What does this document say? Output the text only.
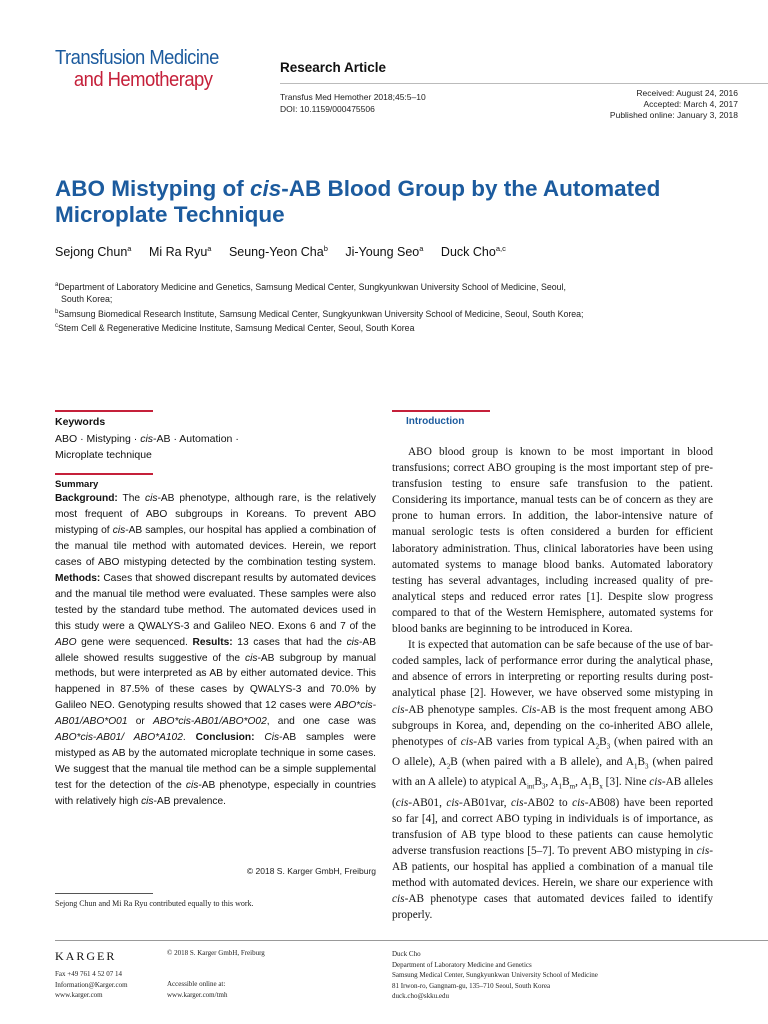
Transfusion Medicine
and Hemotherapy
Research Article
Transfus Med Hemother 2018;45:5–10
DOI: 10.1159/000475506
Received: August 24, 2016
Accepted: March 4, 2017
Published online: January 3, 2018
ABO Mistyping of cis-AB Blood Group by the Automated Microplate Technique
Sejong Chun$^a$ Mi Ra Ryu$^a$ Seung-Yeon Cha$^b$ Ji-Young Seo$^a$ Duck Cho$^{a,c}$
$^a$Department of Laboratory Medicine and Genetics, Samsung Medical Center, Sungkyunkwan University School of Medicine, Seoul,
South Korea;
$^b$Samsung Biomedical Research Institute, Samsung Medical Center, Sungkyunkwan University School of Medicine, Seoul, South Korea;
$^c$Stem Cell & Regenerative Medicine Institute, Samsung Medical Center, Seoul, South Korea
Keywords
ABO · Mistyping · cis-AB · Automation ·
Microplate technique
Summary
Background: The cis-AB phenotype, although rare, is the relatively most frequent of ABO subgroups in Koreans. To prevent ABO mistyping of cis-AB samples, our hospital has applied a combination of the manual tile method with automated devices. Herein, we report cases of ABO mistyping detected by the combination testing system. Methods: Cases that showed discrepant results by automated devices and the manual tile method were evaluated. These samples were also tested by the standard tube method. The automated devices used in this study were a QWALYS-3 and Galileo NEO. Exons 6 and 7 of the ABO gene were sequenced. Results: 13 cases that had the cis-AB allele showed results suggestive of the cis-AB subgroup by manual methods, but were interpreted as AB by either automated device. This happened in 87.5% of these cases by QWALYS-3 and 70.0% by Galileo NEO. Genotyping results showed that 12 cases were ABO*cis-AB01/ABO*O01 or ABO*cis-AB01/ABO*O02, and one case was ABO*cis-AB01/ ABO*A102. Conclusion: Cis-AB samples were mistyped as AB by the automated microplate technique in some cases. We suggest that the manual tile method can be a simple supplemental test for the detection of the cis-AB phenotype, especially in countries with relatively high cis-AB prevalence.
© 2018 S. Karger GmbH, Freiburg
Introduction

ABO blood group is known to be most important in blood transfusions; correct ABO grouping is the most important step of pre-transfusion testing to ensure safe transfusion to the patient. Considering its importance, manual tests can be of concern as they are prone to human errors. In addition, the labor-intensive nature of manual serologic tests is often considered a burden for efficient laboratory administration. Thus, clinical laboratories have been using automated systems to manage blood banks. Automated laboratory testing has several advantages, including increased quality of pre-analytical steps and reduced error rates [1]. Despite slow progress compared to that of the Western Hemisphere, automated systems for blood banks are beginning to be introduced in Korea.

It is expected that automation can be safe because of the use of bar-coded samples, lack of performance error during the analytical phase, and absence of errors in interpreting or reporting results during post-analytical phase [2]. However, we have observed some mistyping in cis-AB phenotype samples. Cis-AB is the most frequent among ABO subgroups in Korea, and, depending on the co-inherited ABO allele, phenotypes of cis-AB varies from typical $A_2B_3$ (when paired with an O allele), $A_2B$ (when paired with a B allele), and $A_1B_3$ (when paired with an A allele) to atypical $A_{int}B_3$, $A_1B_m$, $A_1B_x$ [3]. Nine cis-AB alleles (cis-AB01, cis-AB01var, cis-AB02 to cis-AB08) have been reported so far [4], and correct ABO typing in individuals is of importance, as transfusion of AB type blood to these patients can cause hemolytic adverse transfusion reactions [5–7]. To prevent ABO mistyping in cis-AB patients, our hospital has applied a combination of a manual tile method with automated devices. Herein, we share our experience with cis-AB phenotype cases that automated devices failed to identify properly.

Sejong Chun and Mi Ra Ryu contributed equally to this work.
KARGER
Fax +49 761 4 52 07 14
Information@Karger.com
www.karger.com
© 2018 S. Karger GmbH, Freiburg
Accessible online at:
www.karger.com/tmh
Duck Cho
Department of Laboratory Medicine and Genetics
Samsung Medical Center, Sungkyunkwan University School of Medicine
81 Irwon-ro, Gangnam-gu, 135–710 Seoul, South Korea
duck.cho@skku.edu
